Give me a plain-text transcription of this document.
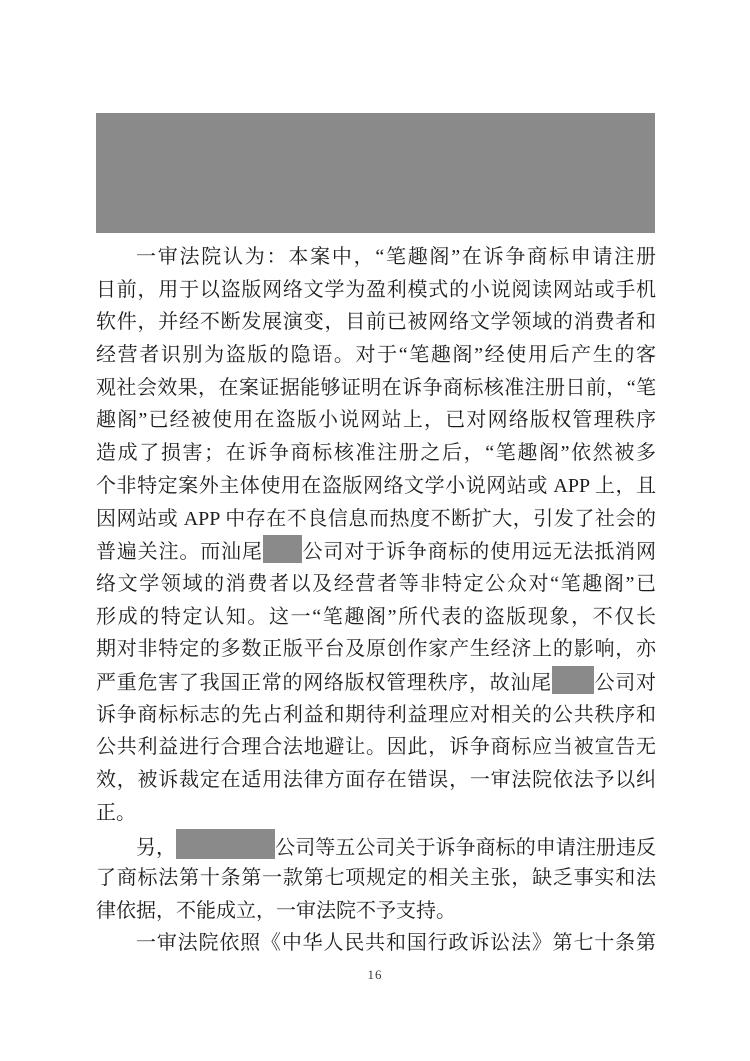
一审法院认为：本案中，“笔趣阁”在诉争商标申请注册
日前，用于以盗版网络文学为盈利模式的小说阅读网站或手机
软件，并经不断发展演变，目前已被网络文学领域的消费者和
经营者识别为盗版的隐语。对于“笔趣阁”经使用后产生的客
观社会效果，在案证据能够证明在诉争商标核准注册日前，“笔
趣阁”已经被使用在盗版小说网站上，已对网络版权管理秩序
造成了损害；在诉争商标核准注册之后，“笔趣阁”依然被多
个非特定案外主体使用在盗版网络文学小说网站或 APP 上，且
因网站或 APP 中存在不良信息而热度不断扩大，引发了社会的
普遍关注。而汕尾 公司对于诉争商标的使用远无法抵消网
络文学领域的消费者以及经营者等非特定公众对“笔趣阁”已
形成的特定认知。这一“笔趣阁”所代表的盗版现象，不仅长
期对非特定的多数正版平台及原创作家产生经济上的影响，亦
严重危害了我国正常的网络版权管理秩序，故汕尾 公司对
诉争商标标志的先占利益和期待利益理应对相关的公共秩序和
公共利益进行合理合法地避让。因此，诉争商标应当被宣告无
效，被诉裁定在适用法律方面存在错误，一审法院依法予以纠
正。
另，	公司等五公司关于诉争商标的申请注册违反
了商标法第十条第一款第七项规定的相关主张，缺乏事实和法
律依据，不能成立，一审法院不予支持。
一审法院依照《中华人民共和国行政诉讼法》第七十条第
16
